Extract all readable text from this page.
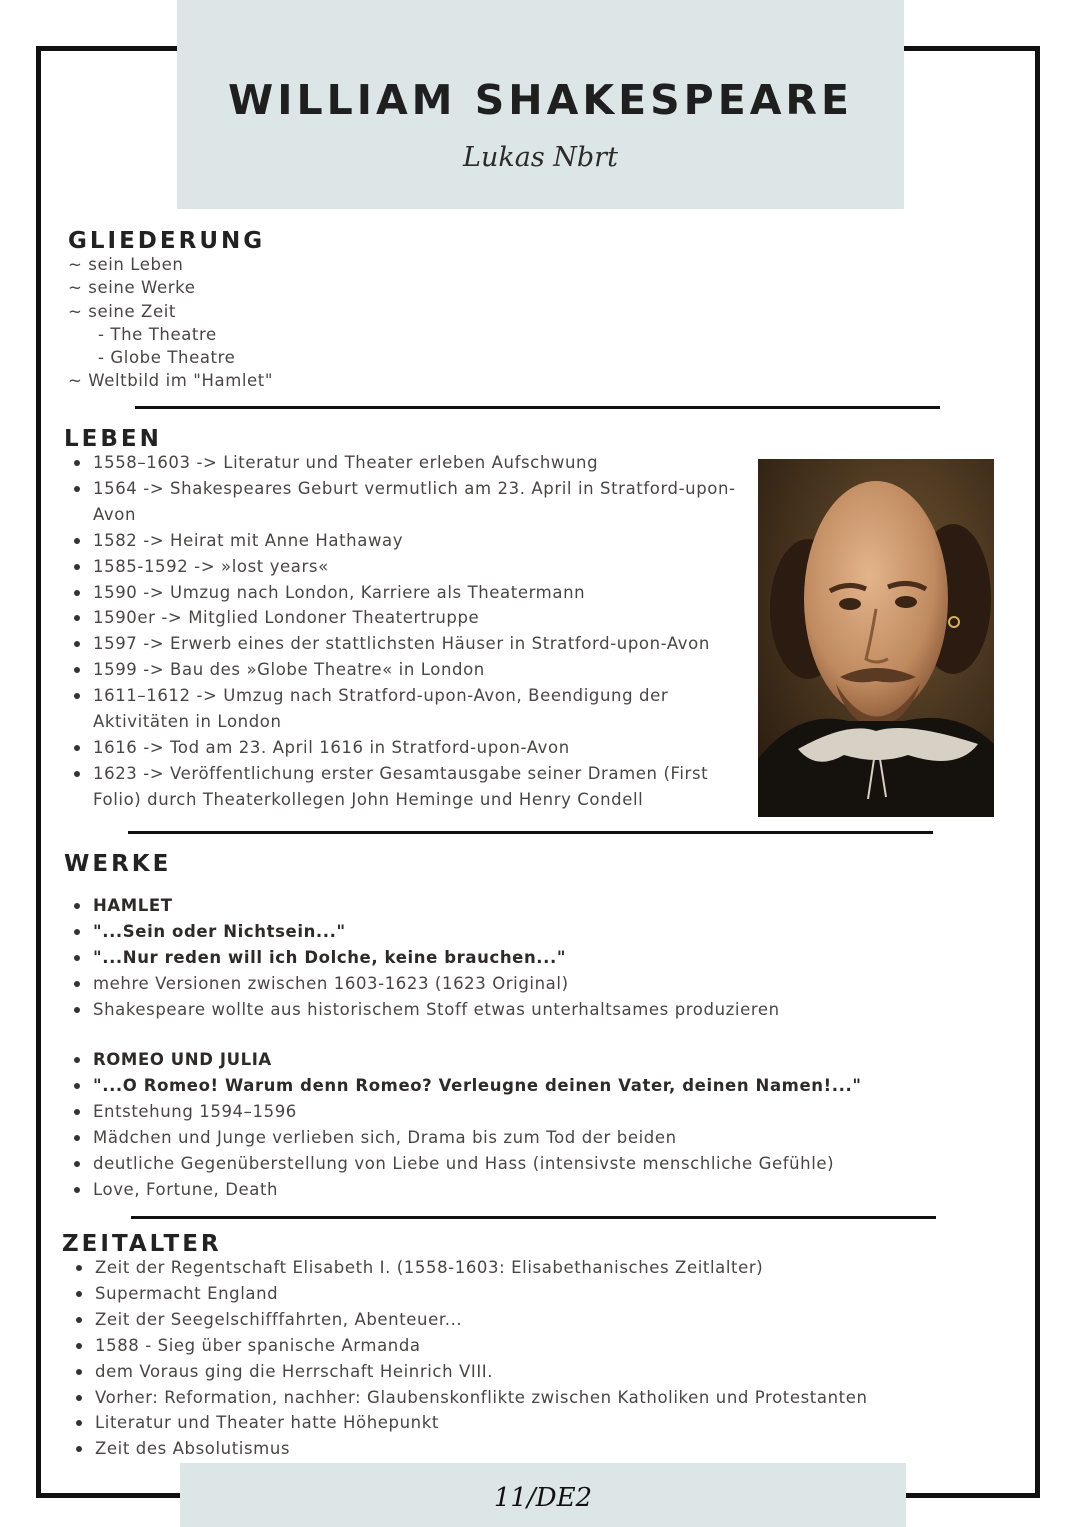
WILLIAM SHAKESPEARE
Lukas Nbrt
GLIEDERUNG
~ sein Leben
~ seine Werke
~ seine Zeit
- The Theatre
- Globe Theatre
~ Weltbild im "Hamlet"
LEBEN
1558–1603 -> Literatur und Theater erleben Aufschwung
1564 -> Shakespeares Geburt vermutlich am 23. April in Stratford-upon-Avon
1582 -> Heirat mit Anne Hathaway
1585-1592 -> »lost years«
1590 -> Umzug nach London, Karriere als Theatermann
1590er -> Mitglied Londoner Theatertruppe
1597 -> Erwerb eines der stattlichsten Häuser in Stratford-upon-Avon
1599 -> Bau des »Globe Theatre« in London
1611–1612 -> Umzug nach Stratford-upon-Avon, Beendigung der Aktivitäten in London
1616 -> Tod am 23. April 1616 in Stratford-upon-Avon
1623 -> Veröffentlichung erster Gesamtausgabe seiner Dramen (First Folio) durch Theaterkollegen John Heminge und Henry Condell
WERKE
HAMLET
"...Sein oder Nichtsein..."
"...Nur reden will ich Dolche, keine brauchen..."
mehre Versionen zwischen 1603-1623 (1623 Original)
Shakespeare wollte aus historischem Stoff etwas unterhaltsames produzieren
ROMEO UND JULIA
"...O Romeo! Warum denn Romeo? Verleugne deinen Vater, deinen Namen!..."
Entstehung 1594–1596
Mädchen und Junge verlieben sich, Drama bis zum Tod der beiden
deutliche Gegenüberstellung von Liebe und Hass (intensivste menschliche Gefühle)
Love, Fortune, Death
ZEITALTER
Zeit der Regentschaft Elisabeth I. (1558-1603: Elisabethanisches Zeitlalter)
Supermacht England
Zeit der Seegelschifffahrten, Abenteuer...
1588 - Sieg über spanische Armanda
dem Voraus ging die Herrschaft Heinrich VIII.
Vorher: Reformation, nachher: Glaubenskonflikte zwischen Katholiken und Protestanten
Literatur und Theater hatte Höhepunkt
Zeit des Absolutismus
11/DE2
